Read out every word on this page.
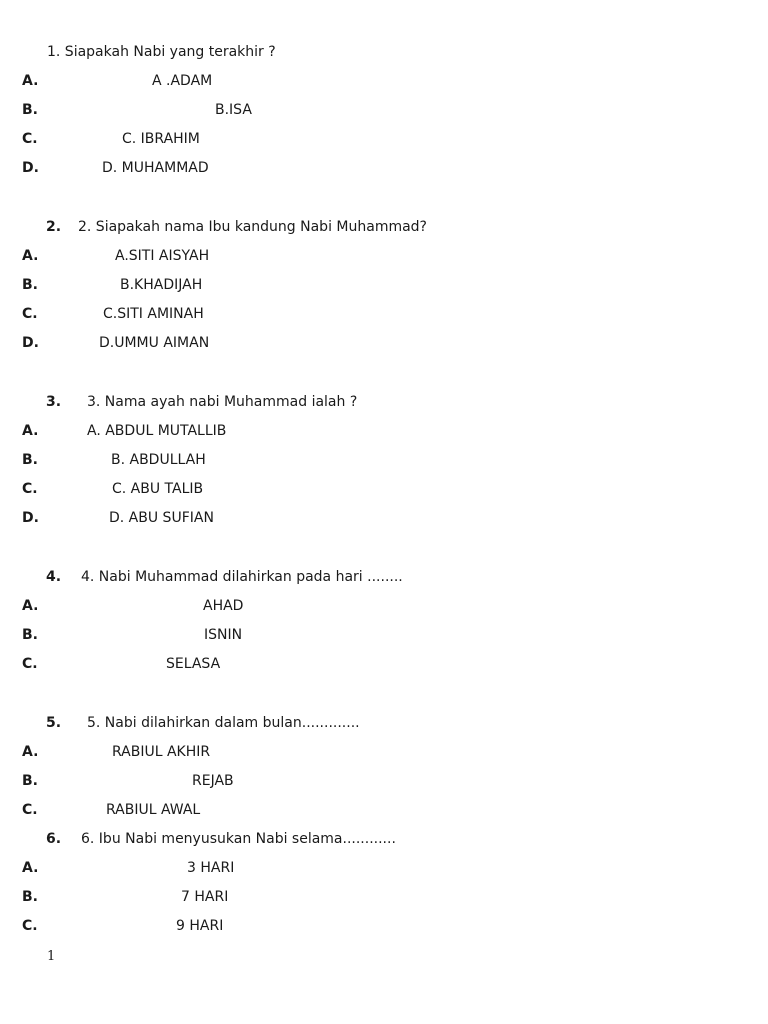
1. Siapakah Nabi yang terakhir ?
A.	A .ADAM
B.	B.ISA
C.	C. IBRAHIM
D.	D. MUHAMMAD
2. 2. Siapakah nama Ibu kandung Nabi Muhammad?
A.	A.SITI AISYAH
B.	B.KHADIJAH
C.	C.SITI AMINAH
D.	D.UMMU AIMAN
3. 3. Nama ayah nabi Muhammad ialah ?
A.	A. ABDUL MUTALLIB
B.	B. ABDULLAH
C.	C. ABU TALIB
D.	D. ABU SUFIAN
4. 4. Nabi Muhammad dilahirkan pada hari ........
A.	AHAD
B.	ISNIN
C.	SELASA
5. 5. Nabi dilahirkan dalam bulan.............
A.	RABIUL AKHIR
B.	REJAB
C.	RABIUL AWAL
6. 6. Ibu Nabi menyusukan Nabi selama............
A.	3 HARI
B.	7 HARI
C.	9 HARI
1
